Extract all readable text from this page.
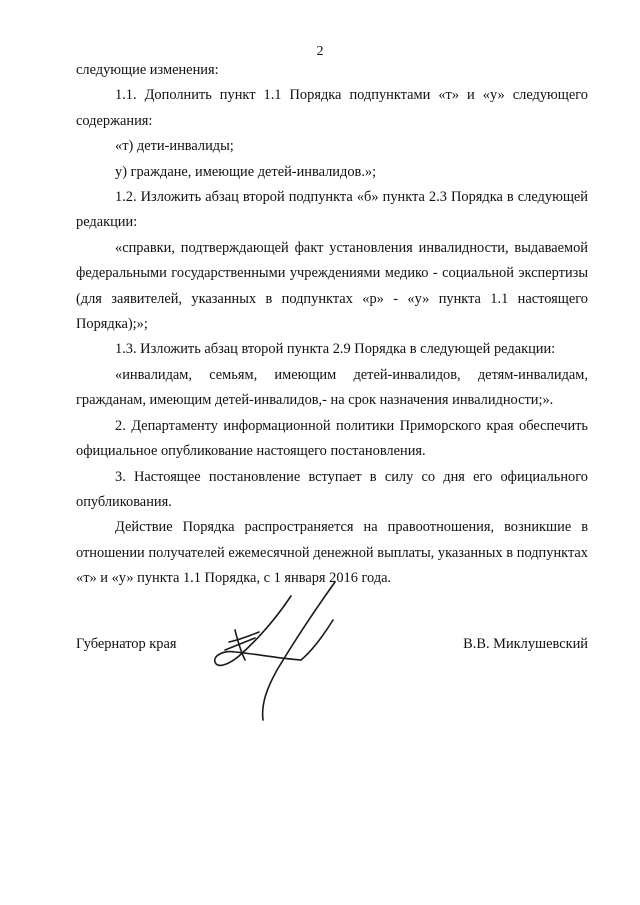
2

следующие изменения:

1.1. Дополнить пункт 1.1 Порядка подпунктами «т» и «у» следующего содержания:

«т) дети-инвалиды;

у) граждане, имеющие детей-инвалидов.»;

1.2. Изложить абзац второй подпункта «б» пункта 2.3 Порядка в следующей редакции:

«справки, подтверждающей факт установления инвалидности, выдаваемой федеральными государственными учреждениями медико - социальной экспертизы (для заявителей, указанных в подпунктах «р» - «у» пункта 1.1 настоящего Порядка);»;

1.3. Изложить абзац второй пункта 2.9 Порядка в следующей редакции:

«инвалидам, семьям, имеющим детей-инвалидов, детям-инвалидам, гражданам, имеющим детей-инвалидов,- на срок назначения инвалидности;».

2. Департаменту информационной политики Приморского края обеспечить официальное опубликование настоящего постановления.

3. Настоящее постановление вступает в силу со дня его официального опубликования.

Действие Порядка распространяется на правоотношения, возникшие в отношении получателей ежемесячной денежной выплаты, указанных в подпунктах «т» и «у» пункта 1.1 Порядка, с 1 января 2016 года.

Губернатор края	В.В. Миклушевский
